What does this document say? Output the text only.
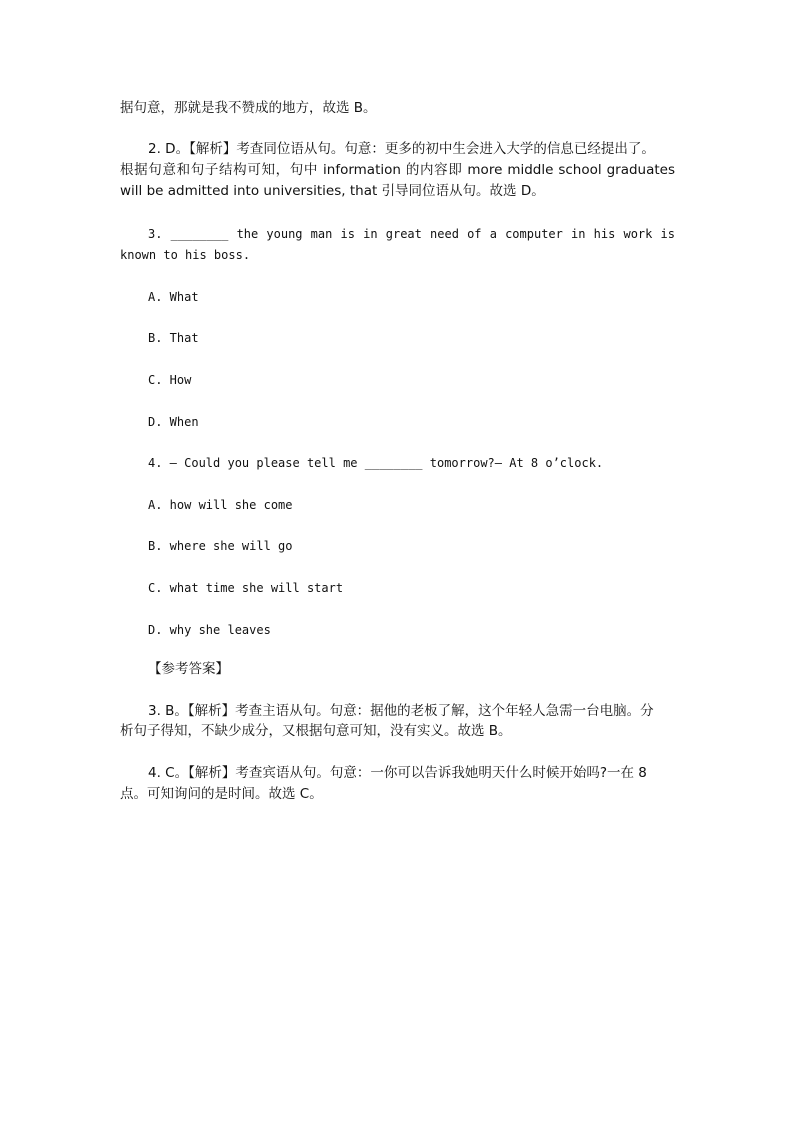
据句意，那就是我不赞成的地方，故选 B。
2. D。【解析】考查同位语从句。句意：更多的初中生会进入大学的信息已经提出了。
根据句意和句子结构可知，句中 information 的内容即 more middle school graduates
will be admitted into universities, that 引导同位语从句。故选 D。
3. ________ the young man is in great need of a computer in his work is
known to his boss.
A. What
B. That
C. How
D. When
4. — Could you please tell me ________ tomorrow?— At 8 o’clock.
A. how will she come
B. where she will go
C. what time she will start
D. why she leaves
【参考答案】
3. B。【解析】考查主语从句。句意：据他的老板了解，这个年轻人急需一台电脑。分
析句子得知，不缺少成分，又根据句意可知，没有实义。故选 B。
4. C。【解析】考查宾语从句。句意：一你可以告诉我她明天什么时候开始吗?一在 8
点。可知询问的是时间。故选 C。
